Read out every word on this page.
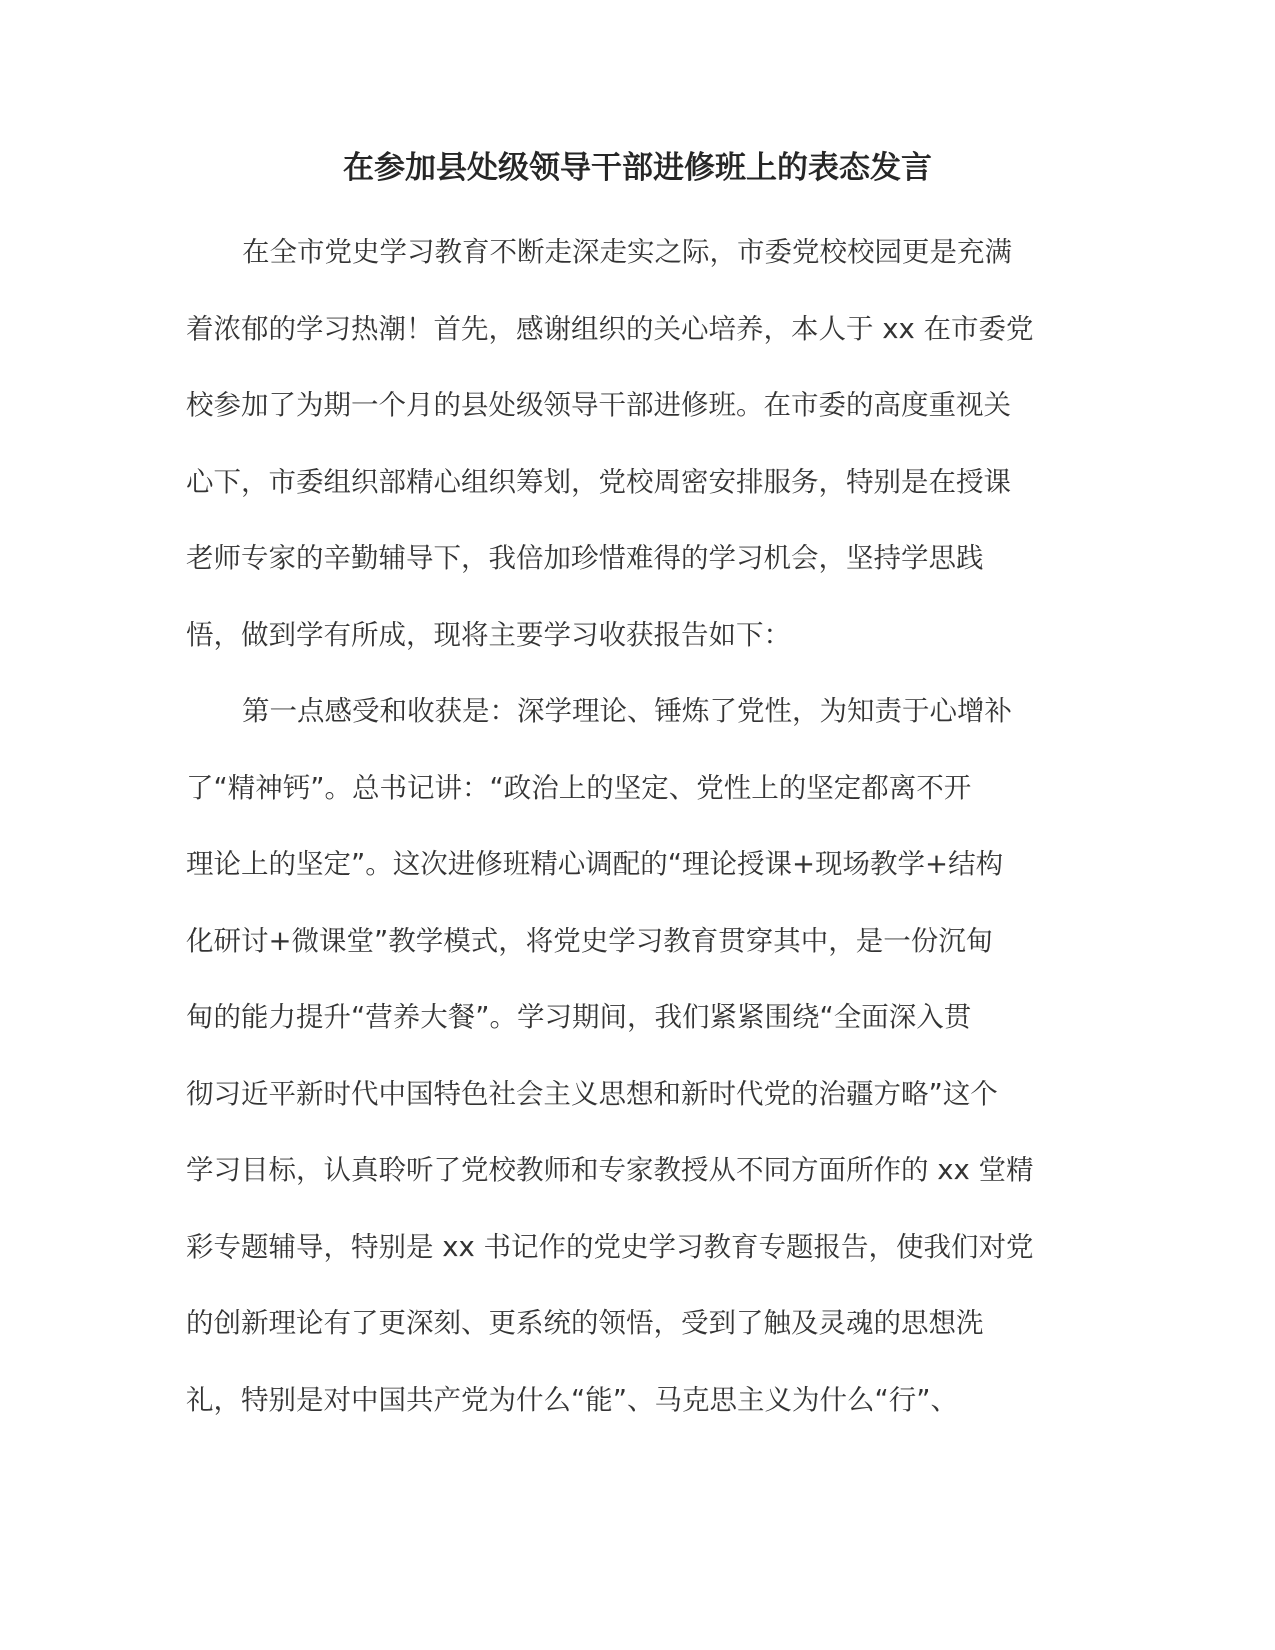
在参加县处级领导干部进修班上的表态发言
在全市党史学习教育不断走深走实之际，市委党校校园更是充满
着浓郁的学习热潮！首先，感谢组织的关心培养，本人于 xx 在市委党
校参加了为期一个月的县处级领导干部进修班。在市委的高度重视关
心下，市委组织部精心组织筹划，党校周密安排服务，特别是在授课
老师专家的辛勤辅导下，我倍加珍惜难得的学习机会，坚持学思践
悟，做到学有所成，现将主要学习收获报告如下：
第一点感受和收获是：深学理论、锤炼了党性，为知责于心增补
了“精神钙”。总书记讲：“政治上的坚定、党性上的坚定都离不开
理论上的坚定”。这次进修班精心调配的“理论授课+现场教学+结构
化研讨+微课堂”教学模式，将党史学习教育贯穿其中，是一份沉甸
甸的能力提升“营养大餐”。学习期间，我们紧紧围绕“全面深入贯
彻习近平新时代中国特色社会主义思想和新时代党的治疆方略”这个
学习目标，认真聆听了党校教师和专家教授从不同方面所作的 xx 堂精
彩专题辅导，特别是 xx 书记作的党史学习教育专题报告，使我们对党
的创新理论有了更深刻、更系统的领悟，受到了触及灵魂的思想洗
礼，特别是对中国共产党为什么“能”、马克思主义为什么“行”、
